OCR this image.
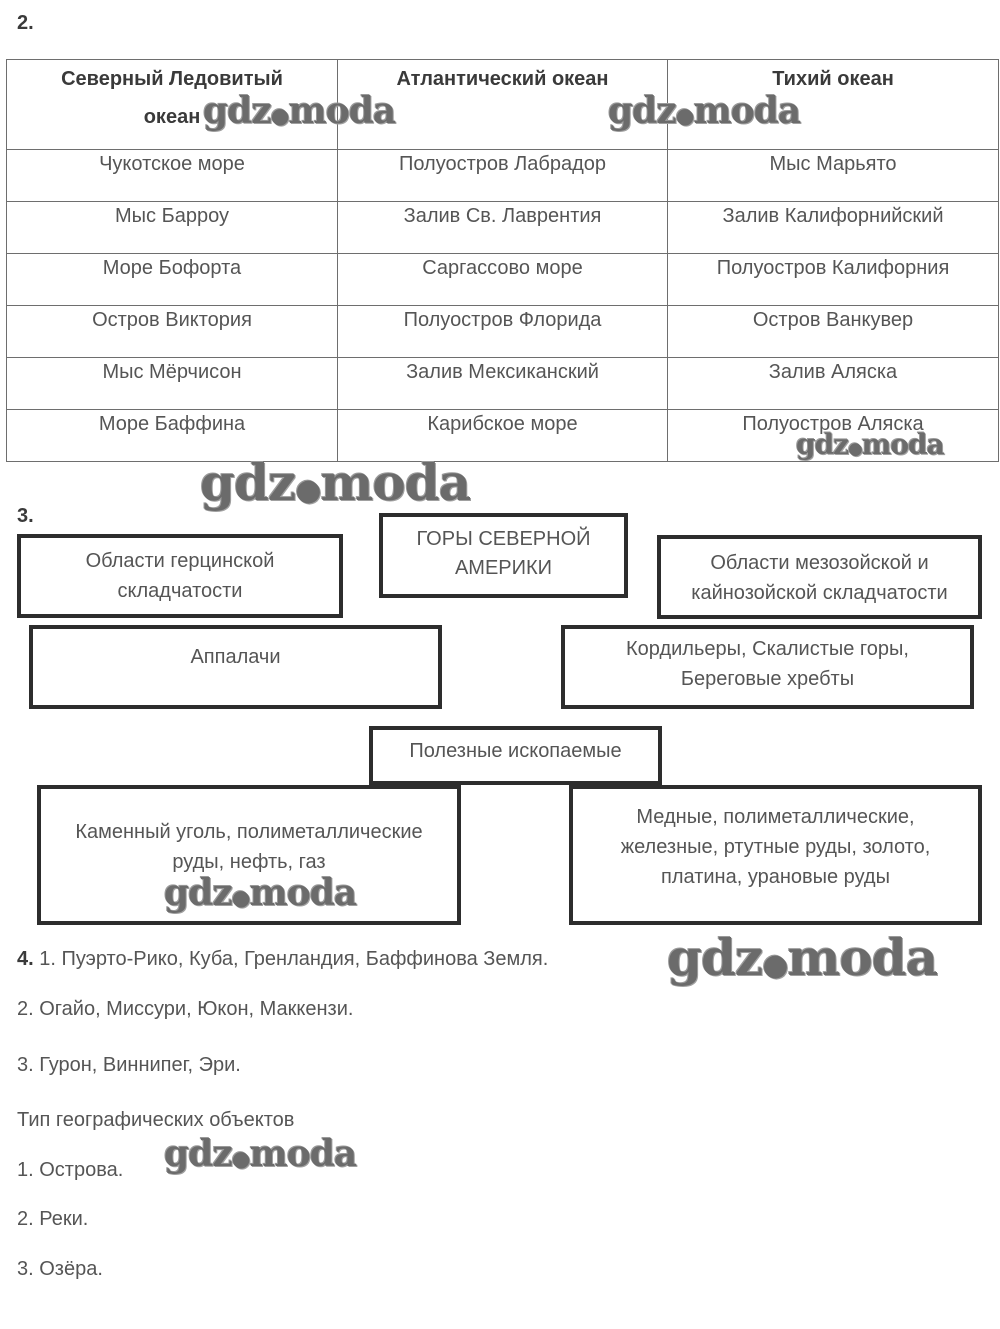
2.
Северный Ледовитый океан	Атлантический океан	Тихий океан
Чукотское море	Полуостров Лабрадор	Мыс Марьято
Мыс Барроу	Залив Св. Лаврентия	Залив Калифорнийский
Море Бофорта	Саргассово море	Полуостров Калифорния
Остров Виктория	Полуостров Флорида	Остров Ванкувер
Мыс Мёрчисон	Залив Мексиканский	Залив Аляска
Море Баффина	Карибское море	Полуостров Аляска
3.
ГОРЫ СЕВЕРНОЙ АМЕРИКИ
Области герцинской складчатости
Области мезозойской и кайнозойской складчатости
Аппалачи	Кордильеры, Скалистые горы, Береговые хребты
Полезные ископаемые
Каменный уголь, полиметаллические руды, нефть, газ
Медные, полиметаллические, железные, ртутные руды, золото, платина, урановые руды
4. 1. Пуэрто-Рико, Куба, Гренландия, Баффинова Земля.
2. Огайо, Миссури, Юкон, Маккензи.
3. Гурон, Виннипег, Эри.
Тип географических объектов
1. Острова.
2. Реки.
3. Озёра.
gdz●moda	gdz●moda
gdz●moda
gdz●moda
gdz●moda
gdz●moda
gdz●moda
